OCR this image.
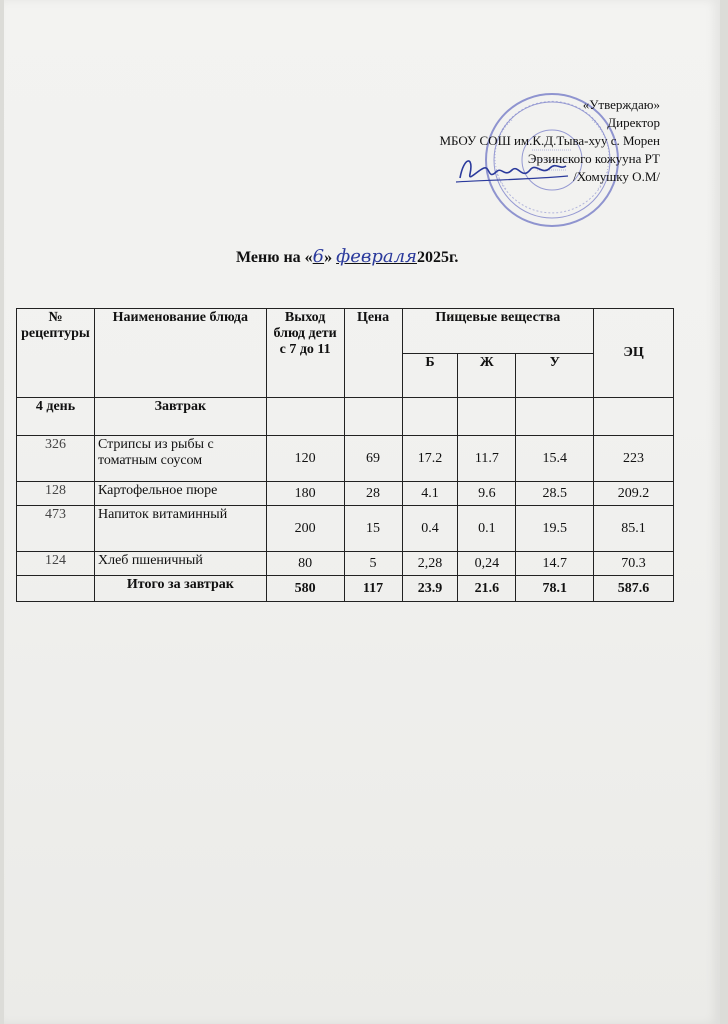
«Утверждаю»
Директор
МБОУ СОШ им.К.Д.Тыва-хуу с. Морен
Эрзинского кожууна РТ
/Хомушку О.М/
Меню на «6» февраля2025г.
№ рецептуры	Наименование блюда	Выход блюд дети с 7 до 11	Цена	Пищевые вещества			ЭЦ
				Б	Ж	У	
4 день	Завтрак						
326	Стрипсы из рыбы с томатным соусом	120	69	17.2	11.7	15.4	223
128	Картофельное пюре	180	28	4.1	9.6	28.5	209.2
473	Напиток витаминный	200	15	0.4	0.1	19.5	85.1
124	Хлеб пшеничный	80	5	2,28	0,24	14.7	70.3
	Итого за завтрак	580	117	23.9	21.6	78.1	587.6
